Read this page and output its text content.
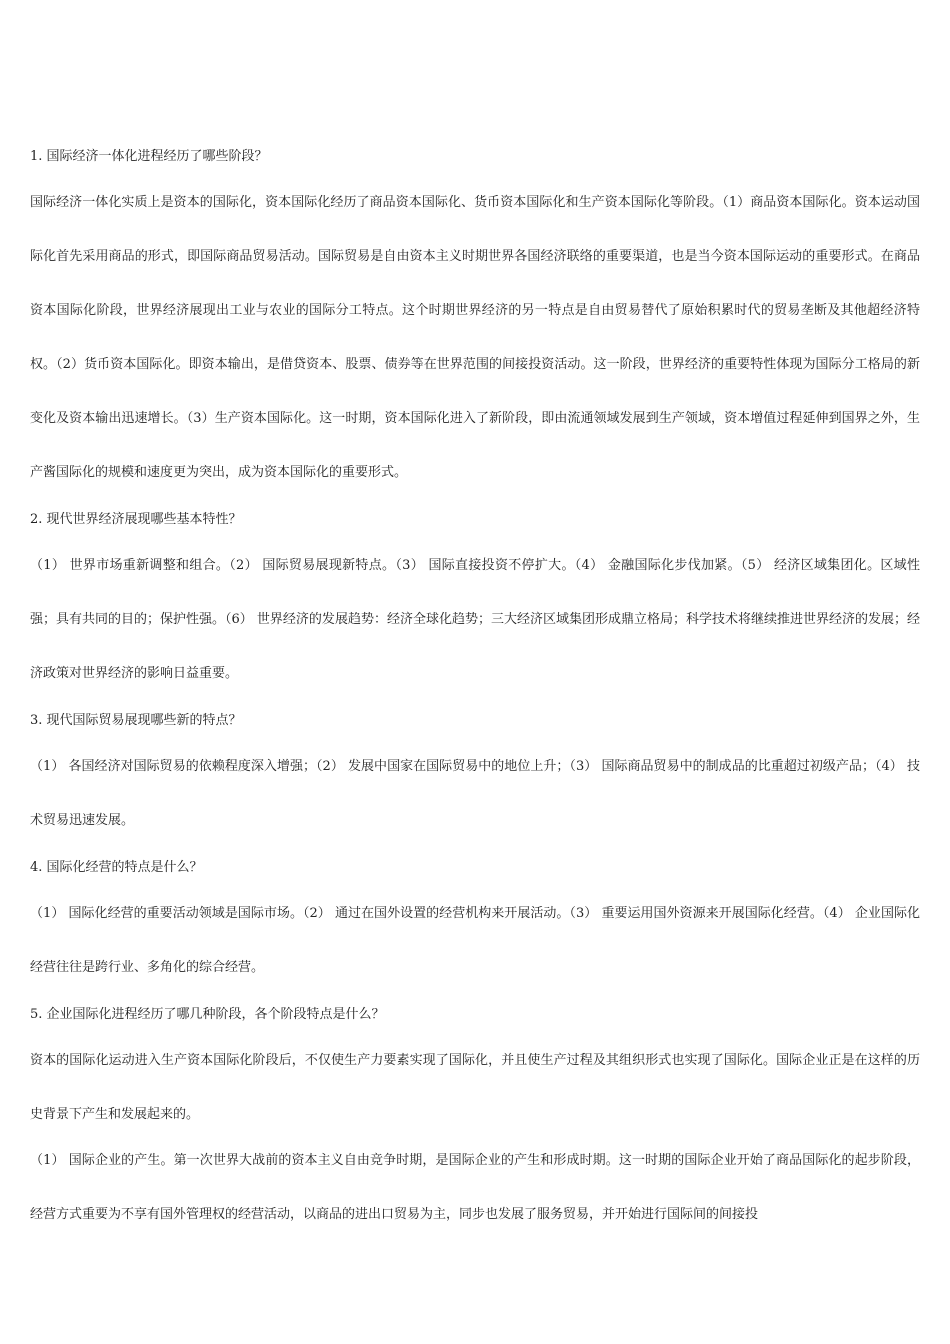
1. 国际经济一体化进程经历了哪些阶段？
国际经济一体化实质上是资本的国际化，资本国际化经历了商品资本国际化、货币资本国际化和生产资本国际化等阶段。（1）商品资本国际化。资本运动国际化首先采用商品的形式，即国际商品贸易活动。国际贸易是自由资本主义时期世界各国经济联络的重要渠道，也是当今资本国际运动的重要形式。在商品资本国际化阶段，世界经济展现出工业与农业的国际分工特点。这个时期世界经济的另一特点是自由贸易替代了原始积累时代的贸易垄断及其他超经济特权。（2）货币资本国际化。即资本输出，是借贷资本、股票、债券等在世界范围的间接投资活动。这一阶段，世界经济的重要特性体现为国际分工格局的新变化及资本输出迅速增长。（3）生产资本国际化。这一时期，资本国际化进入了新阶段，即由流通领域发展到生产领域，资本增值过程延伸到国界之外，生产酱国际化的规模和速度更为突出，成为资本国际化的重要形式。
2. 现代世界经济展现哪些基本特性？
（1） 世界市场重新调整和组合。（2） 国际贸易展现新特点。（3） 国际直接投资不停扩大。（4） 金融国际化步伐加紧。（5） 经济区域集团化。区域性强；具有共同的目的；保护性强。（6） 世界经济的发展趋势：经济全球化趋势；三大经济区域集团形成鼎立格局；科学技术将继续推进世界经济的发展；经济政策对世界经济的影响日益重要。
3. 现代国际贸易展现哪些新的特点？
（1） 各国经济对国际贸易的依赖程度深入增强；（2） 发展中国家在国际贸易中的地位上升；（3） 国际商品贸易中的制成品的比重超过初级产品；（4） 技术贸易迅速发展。
4. 国际化经营的特点是什么？
（1） 国际化经营的重要活动领域是国际市场。（2） 通过在国外设置的经营机构来开展活动。（3） 重要运用国外资源来开展国际化经营。（4） 企业国际化经营往往是跨行业、多角化的综合经营。
5. 企业国际化进程经历了哪几种阶段，各个阶段特点是什么？
资本的国际化运动进入生产资本国际化阶段后，不仅使生产力要素实现了国际化，并且使生产过程及其组织形式也实现了国际化。国际企业正是在这样的历史背景下产生和发展起来的。
（1） 国际企业的产生。第一次世界大战前的资本主义自由竞争时期，是国际企业的产生和形成时期。这一时期的国际企业开始了商品国际化的起步阶段，经营方式重要为不享有国外管理权的经营活动，以商品的进出口贸易为主，同步也发展了服务贸易，并开始进行国际间的间接投
